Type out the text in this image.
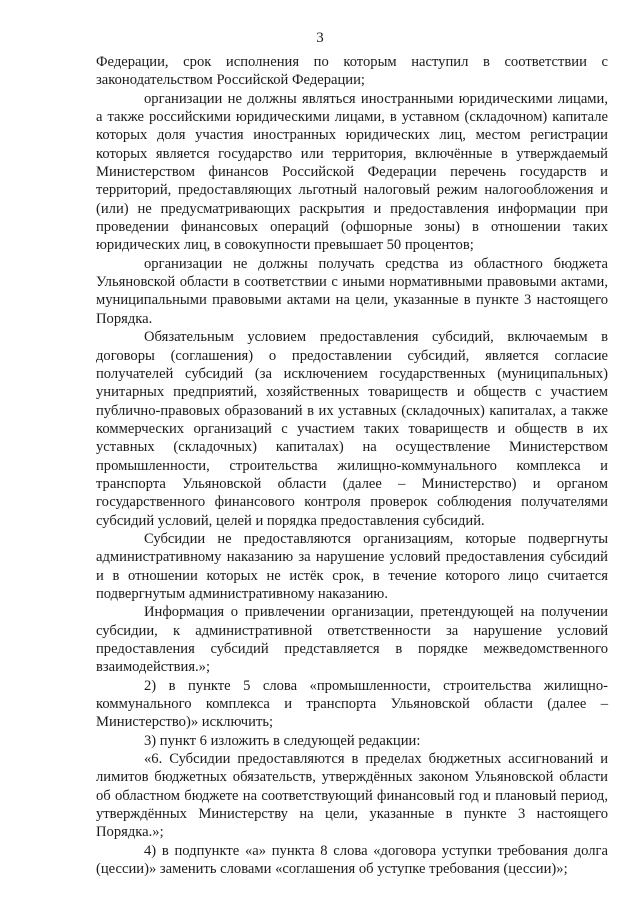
3

Федерации, срок исполнения по которым наступил в соответствии с законодательством Российской Федерации;

организации не должны являться иностранными юридическими лицами, а также российскими юридическими лицами, в уставном (складочном) капитале которых доля участия иностранных юридических лиц, местом регистрации которых является государство или территория, включённые в утверждаемый Министерством финансов Российской Федерации перечень государств и территорий, предоставляющих льготный налоговый режим налогообложения и (или) не предусматривающих раскрытия и предоставления информации при проведении финансовых операций (офшорные зоны) в отношении таких юридических лиц, в совокупности превышает 50 процентов;

организации не должны получать средства из областного бюджета Ульяновской области в соответствии с иными нормативными правовыми актами, муниципальными правовыми актами на цели, указанные в пункте 3 настоящего Порядка.

Обязательным условием предоставления субсидий, включаемым в договоры (соглашения) о предоставлении субсидий, является согласие получателей субсидий (за исключением государственных (муниципальных) унитарных предприятий, хозяйственных товариществ и обществ с участием публично-правовых образований в их уставных (складочных) капиталах, а также коммерческих организаций с участием таких товариществ и обществ в их уставных (складочных) капиталах) на осуществление Министерством промышленности, строительства жилищно-коммунального комплекса и транспорта Ульяновской области (далее – Министерство) и органом государственного финансового контроля проверок соблюдения получателями субсидий условий, целей и порядка предоставления субсидий.

Субсидии не предоставляются организациям, которые подвергнуты административному наказанию за нарушение условий предоставления субсидий и в отношении которых не истёк срок, в течение которого лицо считается подвергнутым административному наказанию.

Информация о привлечении организации, претендующей на получении субсидии, к административной ответственности за нарушение условий предоставления субсидий представляется в порядке межведомственного взаимодействия.»;

2) в пункте 5 слова «промышленности, строительства жилищно-коммунального комплекса и транспорта Ульяновской области (далее – Министерство)» исключить;

3) пункт 6 изложить в следующей редакции:

«6. Субсидии предоставляются в пределах бюджетных ассигнований и лимитов бюджетных обязательств, утверждённых законом Ульяновской области об областном бюджете на соответствующий финансовый год и плановый период, утверждённых Министерству на цели, указанные в пункте 3 настоящего Порядка.»;

4) в подпункте «а» пункта 8 слова «договора уступки требования долга (цессии)» заменить словами «соглашения об уступке требования (цессии)»;
